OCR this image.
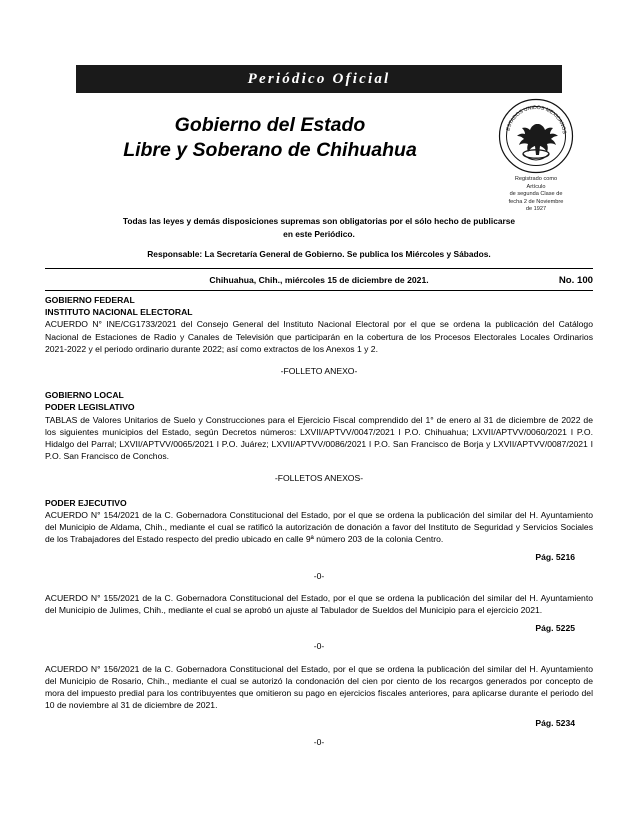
Periódico Oficial
Gobierno del Estado
Libre y Soberano de Chihuahua
ESTADOS UNIDOS MEXICANOS
Registrado como
Artículo
de segunda Clase de
fecha 2 de Noviembre
de 1927
Todas las leyes y demás disposiciones supremas son obligatorias por el sólo hecho de publicarse
en este Periódico.
Responsable: La Secretaría General de Gobierno. Se publica los Miércoles y Sábados.
Chihuahua, Chih., miércoles 15 de diciembre de 2021.	No. 100
GOBIERNO FEDERAL
INSTITUTO NACIONAL ELECTORAL

ACUERDO N° INE/CG1733/2021 del Consejo General del Instituto Nacional Electoral por el que se ordena la publicación del Catálogo Nacional de Estaciones de Radio y Canales de Televisión que participarán en la cobertura de los Procesos Electorales Locales Ordinarios 2021-2022 y el periodo ordinario durante 2022; así como extractos de los Anexos 1 y 2.

-FOLLETO ANEXO-
GOBIERNO LOCAL
PODER LEGISLATIVO

TABLAS de Valores Unitarios de Suelo y Construcciones para el Ejercicio Fiscal comprendido del 1° de enero al 31 de diciembre de 2022 de los siguientes municipios del Estado, según Decretos números: LXVII/APTVV/0047/2021 I P.O. Chihuahua; LXVII/APTVV/0060/2021 I P.O. Hidalgo del Parral; LXVII/APTVV/0065/2021 I P.O. Juárez; LXVII/APTVV/0086/2021 I P.O. San Francisco de Borja y LXVII/APTVV/0087/2021 I P.O. San Francisco de Conchos.

-FOLLETOS ANEXOS-
PODER EJECUTIVO

ACUERDO N° 154/2021 de la C. Gobernadora Constitucional del Estado, por el que se ordena la publicación del similar del H. Ayuntamiento del Municipio de Aldama, Chih., mediante el cual se ratificó la autorización de donación a favor del Instituto de Seguridad y Servicios Sociales de los Trabajadores del Estado respecto del predio ubicado en calle 9ª número 203 de la colonia Centro.

Pág. 5216
-0-

ACUERDO N° 155/2021 de la C. Gobernadora Constitucional del Estado, por el que se ordena la publicación del similar del H. Ayuntamiento del Municipio de Julimes, Chih., mediante el cual se aprobó un ajuste al Tabulador de Sueldos del Municipio para el ejercicio 2021.

Pág. 5225
-0-

ACUERDO N° 156/2021 de la C. Gobernadora Constitucional del Estado, por el que se ordena la publicación del similar del H. Ayuntamiento del Municipio de Rosario, Chih., mediante el cual se autorizó la condonación del cien por ciento de los recargos generados por concepto de mora del impuesto predial para los contribuyentes que omitieron su pago en ejercicios fiscales anteriores, para aplicarse durante el periodo del 10 de noviembre al 31 de diciembre de 2021.

Pág. 5234
-0-
